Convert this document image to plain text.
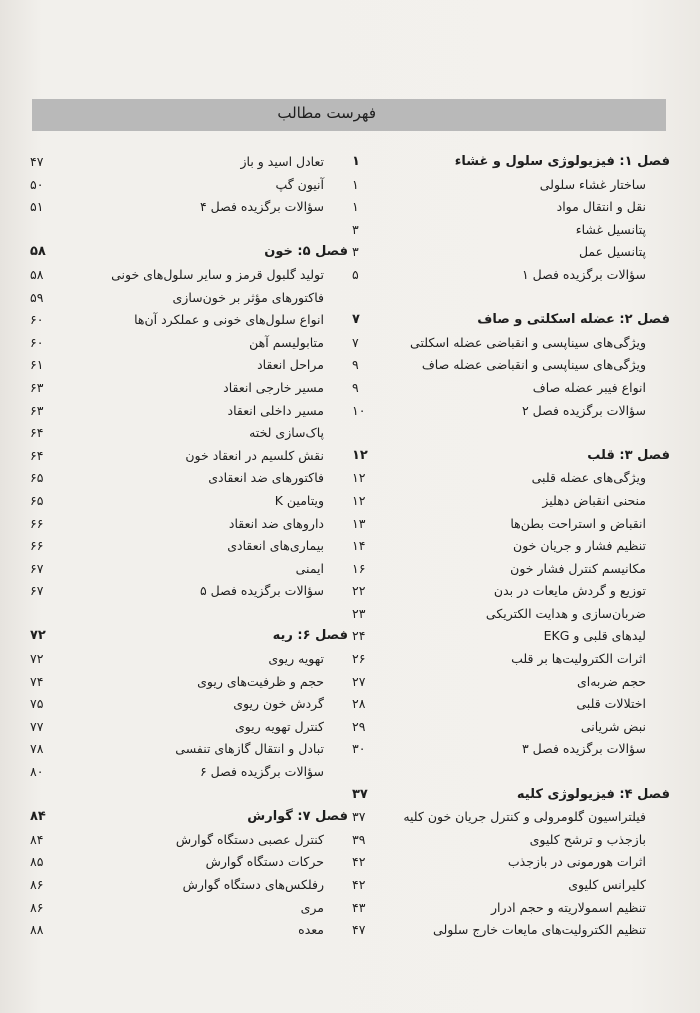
فهرست مطالب
فصل ۱: فیزیولوژی سلول و غشاء
۱
ساختار غشاء سلولی
۱
نقل و انتقال مواد
۱
پتانسیل غشاء
۳
پتانسیل عمل
۳
سؤالات برگزیده فصل ۱
۵
فصل ۲: عضله اسکلتی و صاف
۷
ویژگی‌های سیناپسی و انقباضی عضله اسکلتی
۷
ویژگی‌های سیناپسی و انقباضی عضله صاف
۹
انواع فیبر عضله صاف
۹
سؤالات برگزیده فصل ۲
۱۰
فصل ۳: قلب
۱۲
ویژگی‌های عضله قلبی
۱۲
منحنی انقباض دهلیز
۱۲
انقباض و استراحت بطن‌ها
۱۳
تنظیم فشار و جریان خون
۱۴
مکانیسم کنترل فشار خون
۱۶
توزیع و گردش مایعات در بدن
۲۲
ضربان‌سازی و هدایت الکتریکی
۲۳
لیدهای قلبی و EKG
۲۴
اثرات الکترولیت‌ها بر قلب
۲۶
حجم ضربه‌ای
۲۷
اختلالات قلبی
۲۸
نبض شریانی
۲۹
سؤالات برگزیده فصل ۳
۳۰
فصل ۴: فیزیولوژی کلیه
۳۷
فیلتراسیون گلومرولی و کنترل جریان خون کلیه
۳۷
بازجذب و ترشح کلیوی
۳۹
اثرات هورمونی در بازجذب
۴۲
کلیرانس کلیوی
۴۲
تنظیم اسمولاریته و حجم ادرار
۴۳
تنظیم الکترولیت‌های مایعات خارج سلولی
۴۷
تعادل اسید و باز
۴۷
آنیون گپ
۵۰
سؤالات برگزیده فصل ۴
۵۱
فصل ۵: خون
۵۸
تولید گلبول قرمز و سایر سلول‌های خونی
۵۸
فاکتورهای مؤثر بر خون‌سازی
۵۹
انواع سلول‌های خونی و عملکرد آن‌ها
۶۰
متابولیسم آهن
۶۰
مراحل انعقاد
۶۱
مسیر خارجی انعقاد
۶۳
مسیر داخلی انعقاد
۶۳
پاک‌سازی لخته
۶۴
نقش کلسیم در انعقاد خون
۶۴
فاکتورهای ضد انعقادی
۶۵
ویتامین K
۶۵
داروهای ضد انعقاد
۶۶
بیماری‌های انعقادی
۶۶
ایمنی
۶۷
سؤالات برگزیده فصل ۵
۶۷
فصل ۶: ریه
۷۲
تهویه ریوی
۷۲
حجم و ظرفیت‌های ریوی
۷۴
گردش خون ریوی
۷۵
کنترل تهویه ریوی
۷۷
تبادل و انتقال گازهای تنفسی
۷۸
سؤالات برگزیده فصل ۶
۸۰
فصل ۷: گوارش
۸۴
کنترل عصبی دستگاه گوارش
۸۴
حرکات دستگاه گوارش
۸۵
رفلکس‌های دستگاه گوارش
۸۶
مری
۸۶
معده
۸۸
